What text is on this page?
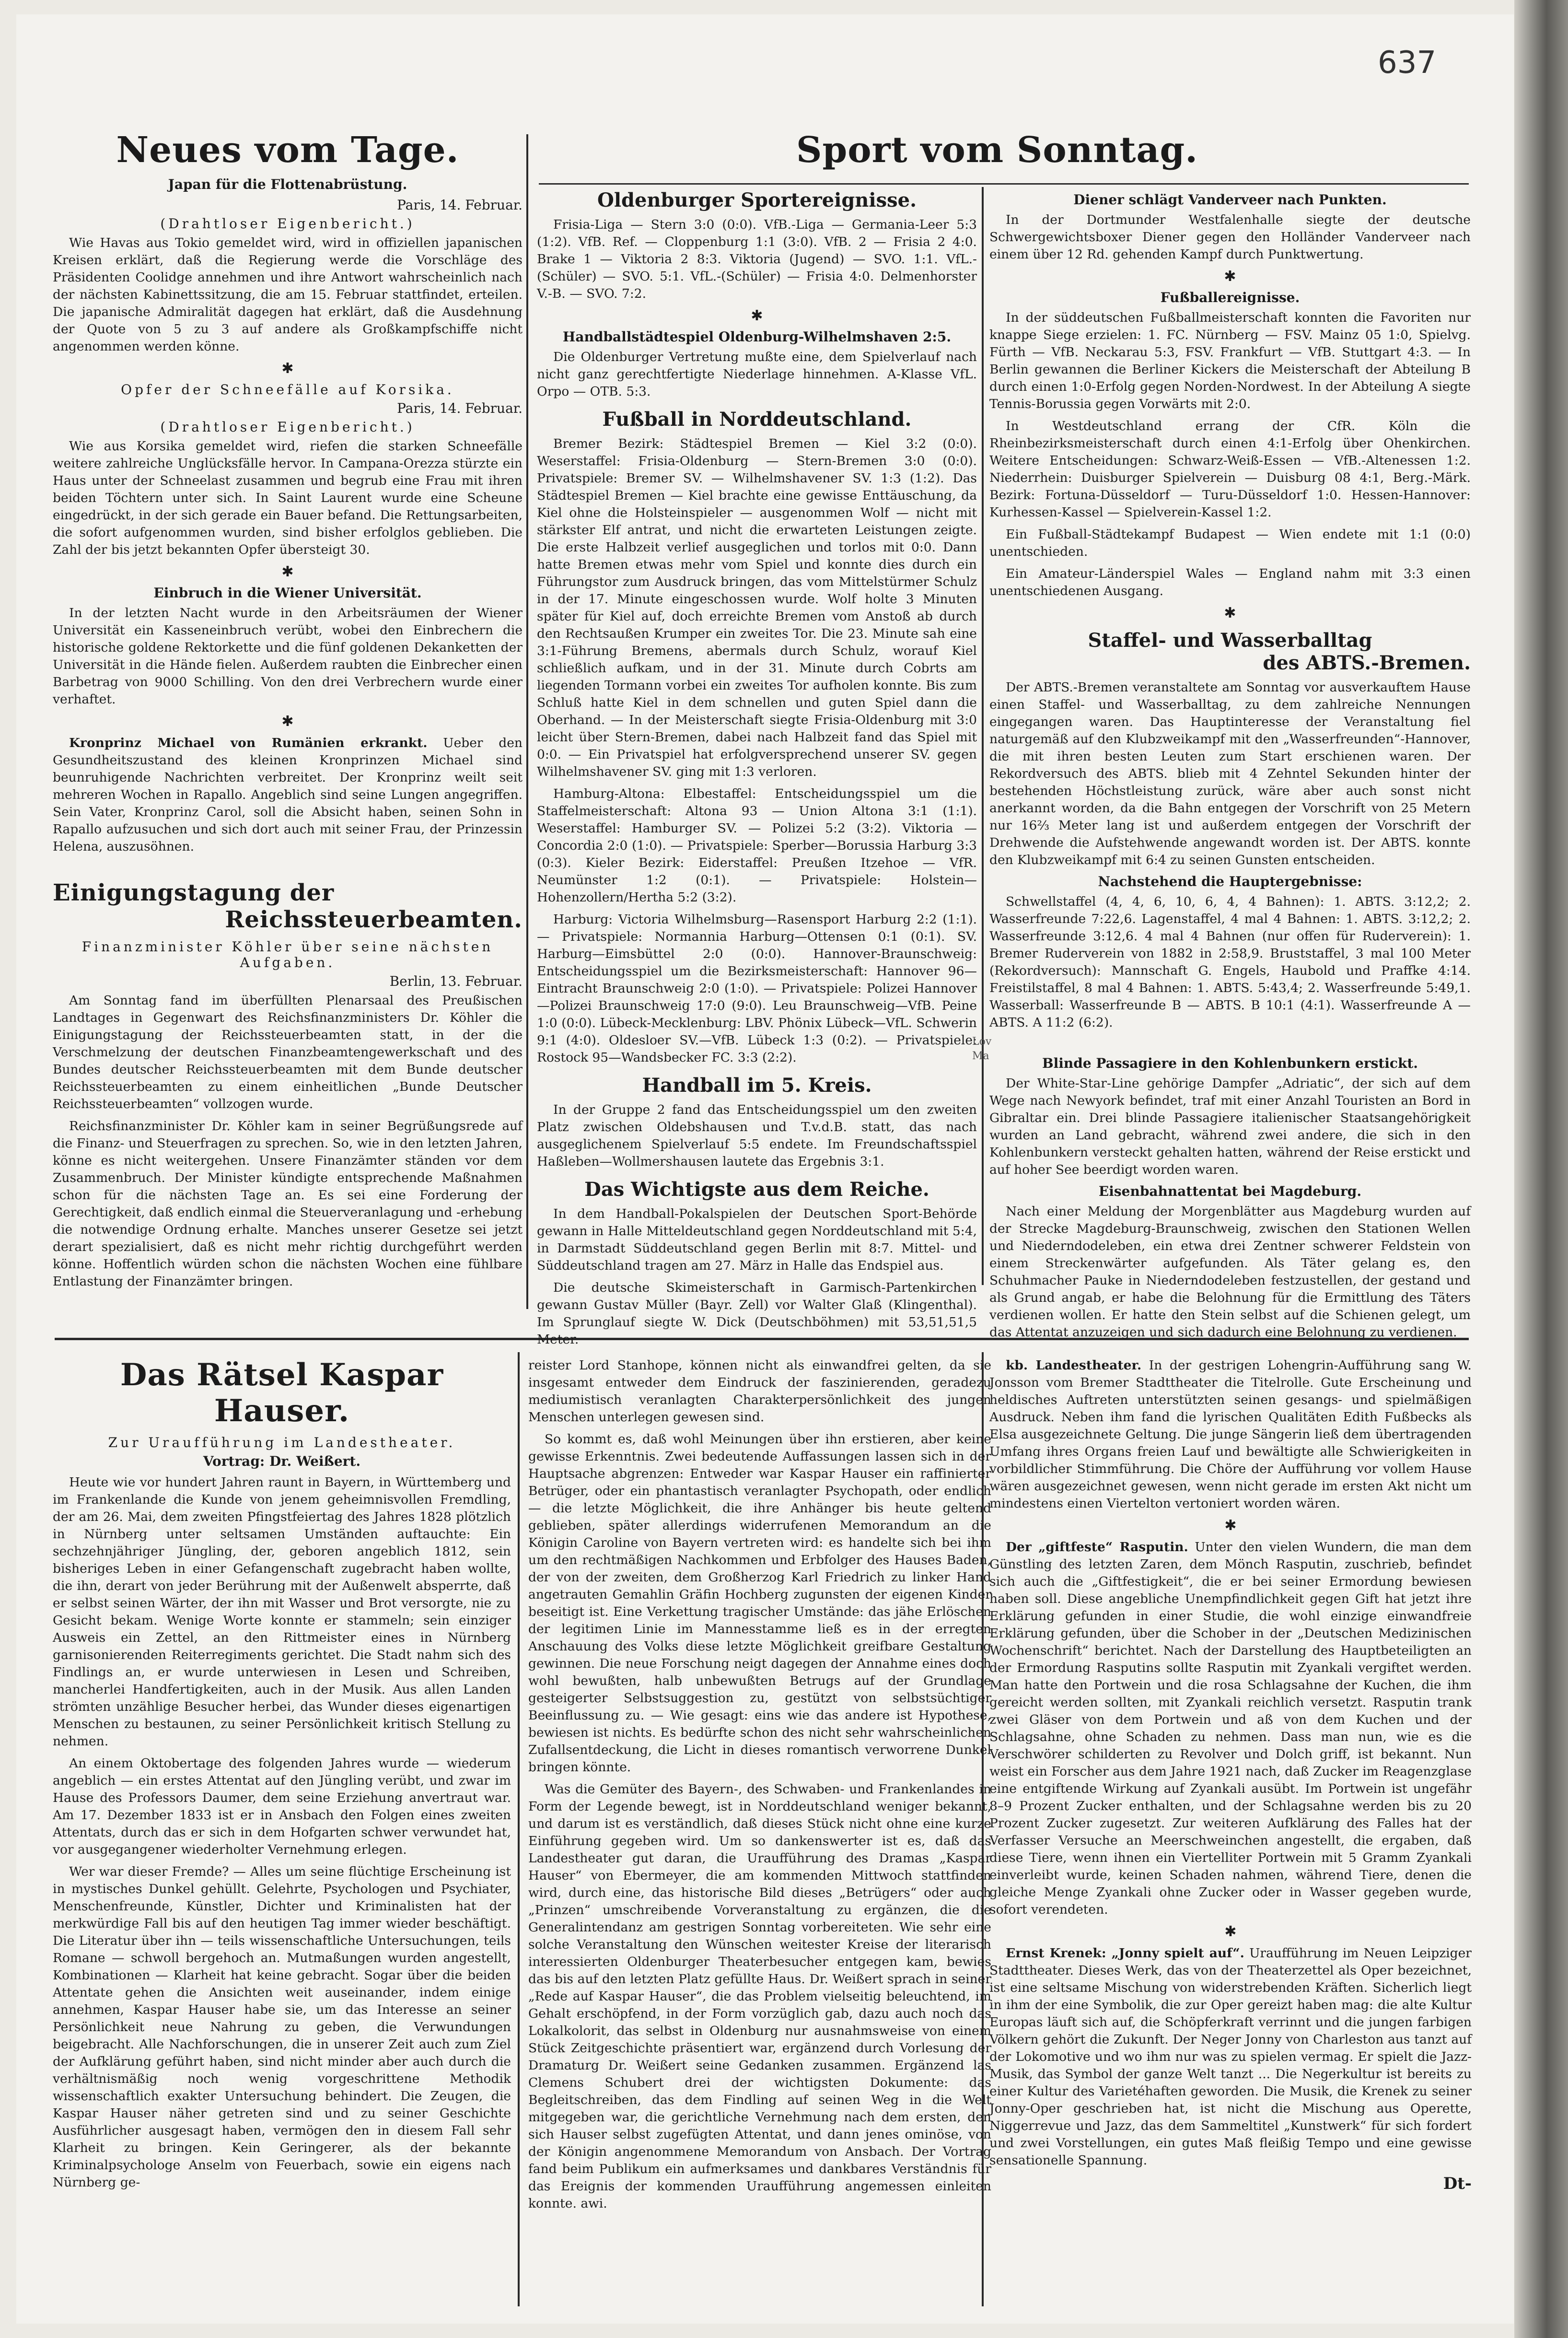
637
Neues vom Tage.
Japan für die Flottenabrüstung.
Paris, 14. Februar.
(Drahtloser Eigenbericht.)

Wie Havas aus Tokio gemeldet wird, wird in offiziellen japanischen Kreisen erklärt, daß die Regierung werde die Vorschläge des Präsidenten Coolidge annehmen und ihre Antwort wahrscheinlich nach der nächsten Kabinettssitzung, die am 15. Februar stattfindet, erteilen. Die japanische Admiralität dagegen hat erklärt, daß die Ausdehnung der Quote von 5 zu 3 auf andere als Großkampfschiffe nicht angenommen werden könne.

✱
Opfer der Schneefälle auf Korsika.
Paris, 14. Februar.
(Drahtloser Eigenbericht.)

Wie aus Korsika gemeldet wird, riefen die starken Schneefälle weitere zahlreiche Unglücksfälle hervor. In Campana-Orezza stürzte ein Haus unter der Schneelast zusammen und begrub eine Frau mit ihren beiden Töchtern unter sich. In Saint Laurent wurde eine Scheune eingedrückt, in der sich gerade ein Bauer befand. Die Rettungsarbeiten, die sofort aufgenommen wurden, sind bisher erfolglos geblieben. Die Zahl der bis jetzt bekannten Opfer übersteigt 30.

✱
Einbruch in die Wiener Universität.

In der letzten Nacht wurde in den Arbeitsräumen der Wiener Universität ein Kasseneinbruch verübt, wobei den Einbrechern die historische goldene Rektorkette und die fünf goldenen Dekanketten der Universität in die Hände fielen. Außerdem raubten die Einbrecher einen Barbetrag von 9000 Schilling. Von den drei Verbrechern wurde einer verhaftet.

✱

Kronprinz Michael von Rumänien erkrankt. Ueber den Gesundheitszustand des kleinen Kronprinzen Michael sind beunruhigende Nachrichten verbreitet. Der Kronprinz weilt seit mehreren Wochen in Rapallo. Angeblich sind seine Lungen angegriffen. Sein Vater, Kronprinz Carol, soll die Absicht haben, seinen Sohn in Rapallo aufzusuchen und sich dort auch mit seiner Frau, der Prinzessin Helena, auszusöhnen.

Einigungstagung der
Reichssteuerbeamten.
Finanzminister Köhler über seine nächsten Aufgaben.
Berlin, 13. Februar.

Am Sonntag fand im überfüllten Plenarsaal des Preußischen Landtages in Gegenwart des Reichsfinanzministers Dr. Köhler die Einigungstagung der Reichssteuerbeamten statt, in der die Verschmelzung der deutschen Finanzbeamtengewerkschaft und des Bundes deutscher Reichssteuerbeamten mit dem Bunde deutscher Reichssteuerbeamten zu einem einheitlichen „Bunde Deutscher Reichssteuerbeamten“ vollzogen wurde.

Reichsfinanzminister Dr. Köhler kam in seiner Begrüßungsrede auf die Finanz- und Steuerfragen zu sprechen. So, wie in den letzten Jahren, könne es nicht weitergehen. Unsere Finanzämter ständen vor dem Zusammenbruch. Der Minister kündigte entsprechende Maßnahmen schon für die nächsten Tage an. Es sei eine Forderung der Gerechtigkeit, daß endlich einmal die Steuerveranlagung und -erhebung die notwendige Ordnung erhalte. Manches unserer Gesetze sei jetzt derart spezialisiert, daß es nicht mehr richtig durchgeführt werden könne. Hoffentlich würden schon die nächsten Wochen eine fühlbare Entlastung der Finanzämter bringen.

Sport vom Sonntag.
Oldenburger Sportereignisse.

Frisia-Liga — Stern 3:0 (0:0). VfB.-Liga — Germania-Leer 5:3 (1:2). VfB. Ref. — Cloppenburg 1:1 (3:0). VfB. 2 — Frisia 2 4:0. Brake 1 — Viktoria 2 8:3. Viktoria (Jugend) — SVO. 1:1. VfL.-(Schüler) — SVO. 5:1. VfL.-(Schüler) — Frisia 4:0. Delmenhorster V.-B. — SVO. 7:2.

✱
Handballstädtespiel Oldenburg-Wilhelmshaven 2:5.

Die Oldenburger Vertretung mußte eine, dem Spielverlauf nach nicht ganz gerechtfertigte Niederlage hinnehmen. A-Klasse VfL. Orpo — OTB. 5:3.

Fußball in Norddeutschland.

Bremer Bezirk: Städtespiel Bremen — Kiel 3:2 (0:0). Weserstaffel: Frisia-Oldenburg — Stern-Bremen 3:0 (0:0). Privatspiele: Bremer SV. — Wilhelmshavener SV. 1:3 (1:2). Das Städtespiel Bremen — Kiel brachte eine gewisse Enttäuschung, da Kiel ohne die Holsteinspieler — ausgenommen Wolf — nicht mit stärkster Elf antrat, und nicht die erwarteten Leistungen zeigte. Die erste Halbzeit verlief ausgeglichen und torlos mit 0:0. Dann hatte Bremen etwas mehr vom Spiel und konnte dies durch ein Führungstor zum Ausdruck bringen, das vom Mittelstürmer Schulz in der 17. Minute eingeschossen wurde. Wolf holte 3 Minuten später für Kiel auf, doch erreichte Bremen vom Anstoß ab durch den Rechtsaußen Krumper ein zweites Tor. Die 23. Minute sah eine 3:1-Führung Bremens, abermals durch Schulz, worauf Kiel schließlich aufkam, und in der 31. Minute durch Cobrts am liegenden Tormann vorbei ein zweites Tor aufholen konnte. Bis zum Schluß hatte Kiel in dem schnellen und guten Spiel dann die Oberhand. — In der Meisterschaft siegte Frisia-Oldenburg mit 3:0 leicht über Stern-Bremen, dabei nach Halbzeit fand das Spiel mit 0:0. — Ein Privatspiel hat erfolgversprechend unserer SV. gegen Wilhelmshavener SV. ging mit 1:3 verloren.

Hamburg-Altona: Elbestaffel: Entscheidungsspiel um die Staffelmeisterschaft: Altona 93 — Union Altona 3:1 (1:1). Weserstaffel: Hamburger SV. — Polizei 5:2 (3:2). Viktoria — Concordia 2:0 (1:0). — Privatspiele: Sperber—Borussia Harburg 3:3 (0:3). Kieler Bezirk: Eiderstaffel: Preußen Itzehoe — VfR. Neumünster 1:2 (0:1). — Privatspiele: Holstein—Hohenzollern/Hertha 5:2 (3:2).

Harburg: Victoria Wilhelmsburg—Rasensport Harburg 2:2 (1:1). — Privatspiele: Normannia Harburg—Ottensen 0:1 (0:1). SV. Harburg—Eimsbüttel 2:0 (0:0). Hannover-Braunschweig: Entscheidungsspiel um die Bezirksmeisterschaft: Hannover 96—Eintracht Braunschweig 2:0 (1:0). — Privatspiele: Polizei Hannover—Polizei Braunschweig 17:0 (9:0). Leu Braunschweig—VfB. Peine 1:0 (0:0). Lübeck-Mecklenburg: LBV. Phönix Lübeck—VfL. Schwerin 9:1 (4:0). Oldesloer SV.—VfB. Lübeck 1:3 (0:2). — Privatspiele: Rostock 95—Wandsbecker FC. 3:3 (2:2).

Handball im 5. Kreis.

In der Gruppe 2 fand das Entscheidungsspiel um den zweiten Platz zwischen Oldebshausen und T.v.d.B. statt, das nach ausgeglichenem Spielverlauf 5:5 endete. Im Freundschaftsspiel Haßleben—Wollmershausen lautete das Ergebnis 3:1.

Das Wichtigste aus dem Reiche.

In dem Handball-Pokalspielen der Deutschen Sport-Behörde gewann in Halle Mitteldeutschland gegen Norddeutschland mit 5:4, in Darmstadt Süddeutschland gegen Berlin mit 8:7. Mittel- und Süddeutschland tragen am 27. März in Halle das Endspiel aus.

Die deutsche Skimeisterschaft in Garmisch-Partenkirchen gewann Gustav Müller (Bayr. Zell) vor Walter Glaß (Klingenthal). Im Sprunglauf siegte W. Dick (Deutschböhmen) mit 53,51,51,5 Meter.

Lov
Ma
Diener schlägt Vanderveer nach Punkten.

In der Dortmunder Westfalenhalle siegte der deutsche Schwergewichtsboxer Diener gegen den Holländer Vanderveer nach einem über 12 Rd. gehenden Kampf durch Punktwertung.

✱
Fußballereignisse.

In der süddeutschen Fußballmeisterschaft konnten die Favoriten nur knappe Siege erzielen: 1. FC. Nürnberg — FSV. Mainz 05 1:0, Spielvg. Fürth — VfB. Neckarau 5:3, FSV. Frankfurt — VfB. Stuttgart 4:3. — In Berlin gewannen die Berliner Kickers die Meisterschaft der Abteilung B durch einen 1:0-Erfolg gegen Norden-Nordwest. In der Abteilung A siegte Tennis-Borussia gegen Vorwärts mit 2:0.

In Westdeutschland errang der CfR. Köln die Rheinbezirksmeisterschaft durch einen 4:1-Erfolg über Ohenkirchen. Weitere Entscheidungen: Schwarz-Weiß-Essen — VfB.-Altenessen 1:2. Niederrhein: Duisburger Spielverein — Duisburg 08 4:1, Berg.-Märk. Bezirk: Fortuna-Düsseldorf — Turu-Düsseldorf 1:0. Hessen-Hannover: Kurhessen-Kassel — Spielverein-Kassel 1:2.

Ein Fußball-Städtekampf Budapest — Wien endete mit 1:1 (0:0) unentschieden.

Ein Amateur-Länderspiel Wales — England nahm mit 3:3 einen unentschiedenen Ausgang.

✱
Staffel- und Wasserballtag
des ABTS.-Bremen.

Der ABTS.-Bremen veranstaltete am Sonntag vor ausverkauftem Hause einen Staffel- und Wasserballtag, zu dem zahlreiche Nennungen eingegangen waren. Das Hauptinteresse der Veranstaltung fiel naturgemäß auf den Klubzweikampf mit den „Wasserfreunden“-Hannover, die mit ihren besten Leuten zum Start erschienen waren. Der Rekordversuch des ABTS. blieb mit 4 Zehntel Sekunden hinter der bestehenden Höchstleistung zurück, wäre aber auch sonst nicht anerkannt worden, da die Bahn entgegen der Vorschrift von 25 Metern nur 16⅔ Meter lang ist und außerdem entgegen der Vorschrift der Drehwende die Aufstehwende angewandt worden ist. Der ABTS. konnte den Klubzweikampf mit 6:4 zu seinen Gunsten entscheiden.

Nachstehend die Hauptergebnisse:

Schwellstaffel (4, 4, 6, 10, 6, 4, 4 Bahnen): 1. ABTS. 3:12,2; 2. Wasserfreunde 7:22,6. Lagenstaffel, 4 mal 4 Bahnen: 1. ABTS. 3:12,2; 2. Wasserfreunde 3:12,6. 4 mal 4 Bahnen (nur offen für Ruderverein): 1. Bremer Ruderverein von 1882 in 2:58,9. Bruststaffel, 3 mal 100 Meter (Rekordversuch): Mannschaft G. Engels, Haubold und Praffke 4:14. Freistilstaffel, 8 mal 4 Bahnen: 1. ABTS. 5:43,4; 2. Wasserfreunde 5:49,1. Wasserball: Wasserfreunde B — ABTS. B 10:1 (4:1). Wasserfreunde A — ABTS. A 11:2 (6:2).

Blinde Passagiere in den Kohlenbunkern erstickt.

Der White-Star-Line gehörige Dampfer „Adriatic“, der sich auf dem Wege nach Newyork befindet, traf mit einer Anzahl Touristen an Bord in Gibraltar ein. Drei blinde Passagiere italienischer Staatsangehörigkeit wurden an Land gebracht, während zwei andere, die sich in den Kohlenbunkern versteckt gehalten hatten, während der Reise erstickt und auf hoher See beerdigt worden waren.

Eisenbahnattentat bei Magdeburg.

Nach einer Meldung der Morgenblätter aus Magdeburg wurden auf der Strecke Magdeburg-Braunschweig, zwischen den Stationen Wellen und Niederndodeleben, ein etwa drei Zentner schwerer Feldstein von einem Streckenwärter aufgefunden. Als Täter gelang es, den Schuhmacher Pauke in Niederndodeleben festzustellen, der gestand und als Grund angab, er habe die Belohnung für die Ermittlung des Täters verdienen wollen. Er hatte den Stein selbst auf die Schienen gelegt, um das Attentat anzuzeigen und sich dadurch eine Belohnung zu verdienen.

Das Rätsel Kaspar Hauser.
Zur Uraufführung im Landestheater.
Vortrag: Dr. Weißert.

Heute wie vor hundert Jahren raunt in Bayern, in Württemberg und im Frankenlande die Kunde von jenem geheimnisvollen Fremdling, der am 26. Mai, dem zweiten Pfingstfeiertag des Jahres 1828 plötzlich in Nürnberg unter seltsamen Umständen auftauchte: Ein sechzehnjähriger Jüngling, der, geboren angeblich 1812, sein bisheriges Leben in einer Gefangenschaft zugebracht haben wollte, die ihn, derart von jeder Berührung mit der Außenwelt absperrte, daß er selbst seinen Wärter, der ihn mit Wasser und Brot versorgte, nie zu Gesicht bekam. Wenige Worte konnte er stammeln; sein einziger Ausweis ein Zettel, an den Rittmeister eines in Nürnberg garnisonierenden Reiterregiments gerichtet. Die Stadt nahm sich des Findlings an, er wurde unterwiesen in Lesen und Schreiben, mancherlei Handfertigkeiten, auch in der Musik. Aus allen Landen strömten unzählige Besucher herbei, das Wunder dieses eigenartigen Menschen zu bestaunen, zu seiner Persönlichkeit kritisch Stellung zu nehmen.

An einem Oktobertage des folgenden Jahres wurde — wiederum angeblich — ein erstes Attentat auf den Jüngling verübt, und zwar im Hause des Professors Daumer, dem seine Erziehung anvertraut war. Am 17. Dezember 1833 ist er in Ansbach den Folgen eines zweiten Attentats, durch das er sich in dem Hofgarten schwer verwundet hat, vor ausgegangener wiederholter Vernehmung erlegen.

Wer war dieser Fremde? — Alles um seine flüchtige Erscheinung ist in mystisches Dunkel gehüllt. Gelehrte, Psychologen und Psychiater, Menschenfreunde, Künstler, Dichter und Kriminalisten hat der merkwürdige Fall bis auf den heutigen Tag immer wieder beschäftigt. Die Literatur über ihn — teils wissenschaftliche Untersuchungen, teils Romane — schwoll bergehoch an. Mutmaßungen wurden angestellt, Kombinationen — Klarheit hat keine gebracht. Sogar über die beiden Attentate gehen die Ansichten weit auseinander, indem einige annehmen, Kaspar Hauser habe sie, um das Interesse an seiner Persönlichkeit neue Nahrung zu geben, die Verwundungen beigebracht. Alle Nachforschungen, die in unserer Zeit auch zum Ziel der Aufklärung geführt haben, sind nicht minder aber auch durch die verhältnismäßig noch wenig vorgeschrittene Methodik wissenschaftlich exakter Untersuchung behindert. Die Zeugen, die Kaspar Hauser näher getreten sind und zu seiner Geschichte Ausführlicher ausgesagt haben, vermögen den in diesem Fall sehr Klarheit zu bringen. Kein Geringerer, als der bekannte Kriminalpsychologe Anselm von Feuerbach, sowie ein eigens nach Nürnberg ge-

reister Lord Stanhope, können nicht als einwandfrei gelten, da sie insgesamt entweder dem Eindruck der faszinierenden, geradezu mediumistisch veranlagten Charakterpersönlichkeit des jungen Menschen unterlegen gewesen sind.

So kommt es, daß wohl Meinungen über ihn erstieren, aber keine gewisse Erkenntnis. Zwei bedeutende Auffassungen lassen sich in der Hauptsache abgrenzen: Entweder war Kaspar Hauser ein raffinierter Betrüger, oder ein phantastisch veranlagter Psychopath, oder endlich — die letzte Möglichkeit, die ihre Anhänger bis heute geltend geblieben, später allerdings widerrufenen Memorandum an die Königin Caroline von Bayern vertreten wird: es handelte sich bei ihm um den rechtmäßigen Nachkommen und Erbfolger des Hauses Baden, der von der zweiten, dem Großherzog Karl Friedrich zu linker Hand angetrauten Gemahlin Gräfin Hochberg zugunsten der eigenen Kinder beseitigt ist. Eine Verkettung tragischer Umstände: das jähe Erlöschen der legitimen Linie im Mannesstamme ließ es in der erregten Anschauung des Volks diese letzte Möglichkeit greifbare Gestaltung gewinnen. Die neue Forschung neigt dagegen der Annahme eines doch wohl bewußten, halb unbewußten Betrugs auf der Grundlage gesteigerter Selbstsuggestion zu, gestützt von selbstsüchtiger Beeinflussung zu. — Wie gesagt: eins wie das andere ist Hypothese, bewiesen ist nichts. Es bedürfte schon des nicht sehr wahrscheinlichen Zufallsentdeckung, die Licht in dieses romantisch verworrene Dunkel bringen könnte.

Was die Gemüter des Bayern-, des Schwaben- und Frankenlandes in Form der Legende bewegt, ist in Norddeutschland weniger bekannt, und darum ist es verständlich, daß dieses Stück nicht ohne eine kurze Einführung gegeben wird. Um so dankenswerter ist es, daß das Landestheater gut daran, die Uraufführung des Dramas „Kaspar Hauser“ von Ebermeyer, die am kommenden Mittwoch stattfinden wird, durch eine, das historische Bild dieses „Betrügers“ oder auch „Prinzen“ umschreibende Vorveranstaltung zu ergänzen, die die Generalintendanz am gestrigen Sonntag vorbereiteten. Wie sehr eine solche Veranstaltung den Wünschen weitester Kreise der literarisch interessierten Oldenburger Theaterbesucher entgegen kam, bewies das bis auf den letzten Platz gefüllte Haus. Dr. Weißert sprach in seiner „Rede auf Kaspar Hauser“, die das Problem vielseitig beleuchtend, im Gehalt erschöpfend, in der Form vorzüglich gab, dazu auch noch das Lokalkolorit, das selbst in Oldenburg nur ausnahmsweise von einem Stück Zeitgeschichte präsentiert war, ergänzend durch Vorlesung der Dramaturg Dr. Weißert seine Gedanken zusammen. Ergänzend las Clemens Schubert drei der wichtigsten Dokumente: das Begleitschreiben, das dem Findling auf seinen Weg in die Welt mitgegeben war, die gerichtliche Vernehmung nach dem ersten, den sich Hauser selbst zugefügten Attentat, und dann jenes ominöse, von der Königin angenommene Memorandum von Ansbach. Der Vortrag fand beim Publikum ein aufmerksames und dankbares Verständnis für das Ereignis der kommenden Uraufführung angemessen einleiten konnte. awi.

kb. Landestheater. In der gestrigen Lohengrin-Aufführung sang W. Jonsson vom Bremer Stadttheater die Titelrolle. Gute Erscheinung und heldisches Auftreten unterstützten seinen gesangs- und spielmäßigen Ausdruck. Neben ihm fand die lyrischen Qualitäten Edith Fußbecks als Elsa ausgezeichnete Geltung. Die junge Sängerin ließ dem übertragenden Umfang ihres Organs freien Lauf und bewältigte alle Schwierigkeiten in vorbildlicher Stimmführung. Die Chöre der Aufführung vor vollem Hause wären ausgezeichnet gewesen, wenn nicht gerade im ersten Akt nicht um mindestens einen Viertelton vertoniert worden wären.

✱

Der „giftfeste“ Rasputin. Unter den vielen Wundern, die man dem Günstling des letzten Zaren, dem Mönch Rasputin, zuschrieb, befindet sich auch die „Giftfestigkeit“, die er bei seiner Ermordung bewiesen haben soll. Diese angebliche Unempfindlichkeit gegen Gift hat jetzt ihre Erklärung gefunden in einer Studie, die wohl einzige einwandfreie Erklärung gefunden, über die Schober in der „Deutschen Medizinischen Wochenschrift“ berichtet. Nach der Darstellung des Hauptbeteiligten an der Ermordung Rasputins sollte Rasputin mit Zyankali vergiftet werden. Man hatte den Portwein und die rosa Schlagsahne der Kuchen, die ihm gereicht werden sollten, mit Zyankali reichlich versetzt. Rasputin trank zwei Gläser von dem Portwein und aß von dem Kuchen und der Schlagsahne, ohne Schaden zu nehmen. Dass man nun, wie es die Verschwörer schilderten zu Revolver und Dolch griff, ist bekannt. Nun weist ein Forscher aus dem Jahre 1921 nach, daß Zucker im Reagenzglase eine entgiftende Wirkung auf Zyankali ausübt. Im Portwein ist ungefähr 8–9 Prozent Zucker enthalten, und der Schlagsahne werden bis zu 20 Prozent Zucker zugesetzt. Zur weiteren Aufklärung des Falles hat der Verfasser Versuche an Meerschweinchen angestellt, die ergaben, daß diese Tiere, wenn ihnen ein Viertelliter Portwein mit 5 Gramm Zyankali einverleibt wurde, keinen Schaden nahmen, während Tiere, denen die gleiche Menge Zyankali ohne Zucker oder in Wasser gegeben wurde, sofort verendeten.

✱

Ernst Krenek: „Jonny spielt auf“. Uraufführung im Neuen Leipziger Stadttheater. Dieses Werk, das von der Theaterzettel als Oper bezeichnet, ist eine seltsame Mischung von widerstrebenden Kräften. Sicherlich liegt in ihm der eine Symbolik, die zur Oper gereizt haben mag: die alte Kultur Europas läuft sich auf, die Schöpferkraft verrinnt und die jungen farbigen Völkern gehört die Zukunft. Der Neger Jonny von Charleston aus tanzt auf der Lokomotive und wo ihm nur was zu spielen vermag. Er spielt die Jazz-Musik, das Symbol der ganze Welt tanzt ... Die Negerkultur ist bereits zu einer Kultur des Varietéhaften geworden. Die Musik, die Krenek zu seiner Jonny-Oper geschrieben hat, ist nicht die Mischung aus Operette, Niggerrevue und Jazz, das dem Sammeltitel „Kunstwerk“ für sich fordert und zwei Vorstellungen, ein gutes Maß fleißig Tempo und eine gewisse sensationelle Spannung.

Dt-
